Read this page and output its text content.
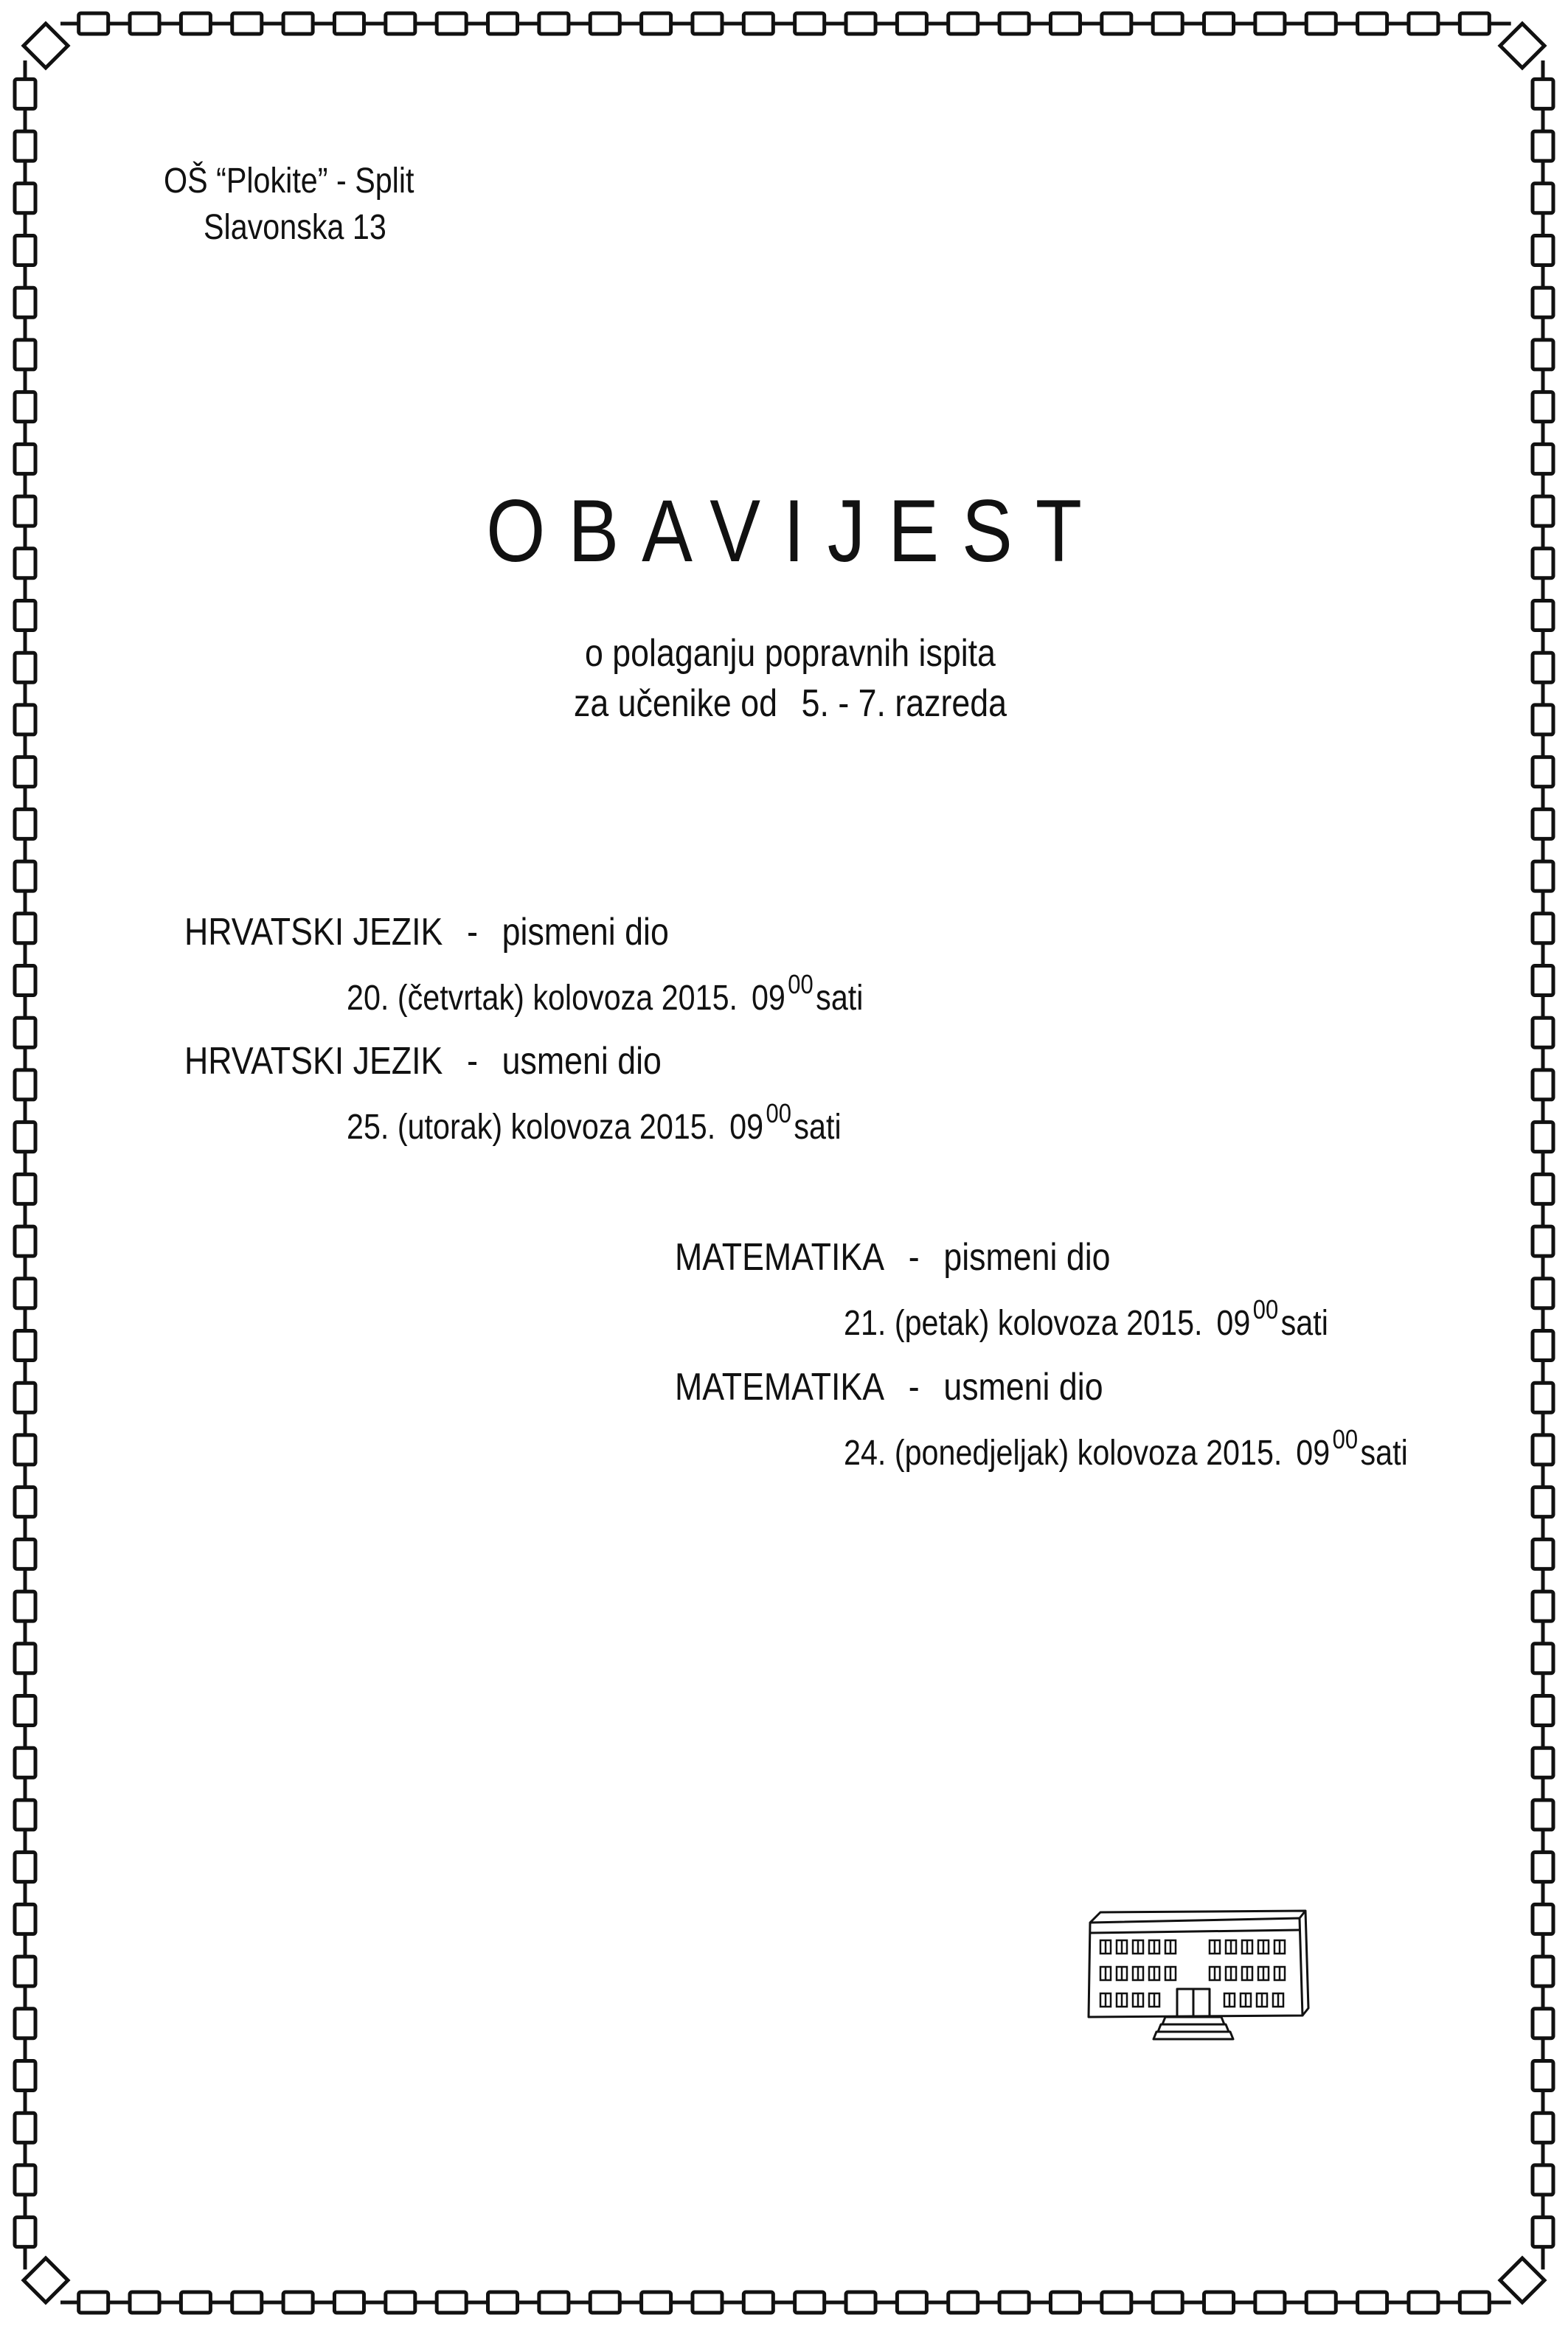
OŠ “Plokite” - Split
Slavonska 13
OBAVIJEST
o polaganju popravnih ispita
za učenike od 5. - 7. razreda
HRVATSKI JEZIK - pismeni dio
20. (četvrtak) kolovoza 2015. $09^{00}sati$
HRVATSKI JEZIK - usmeni dio
25. (utorak) kolovoza 2015. $09^{00}sati$
MATEMATIKA - pismeni dio
21. (petak) kolovoza 2015. $09^{00}sati$
MATEMATIKA - usmeni dio
24. (ponedjeljak) kolovoza 2015. $09^{00}sati$
